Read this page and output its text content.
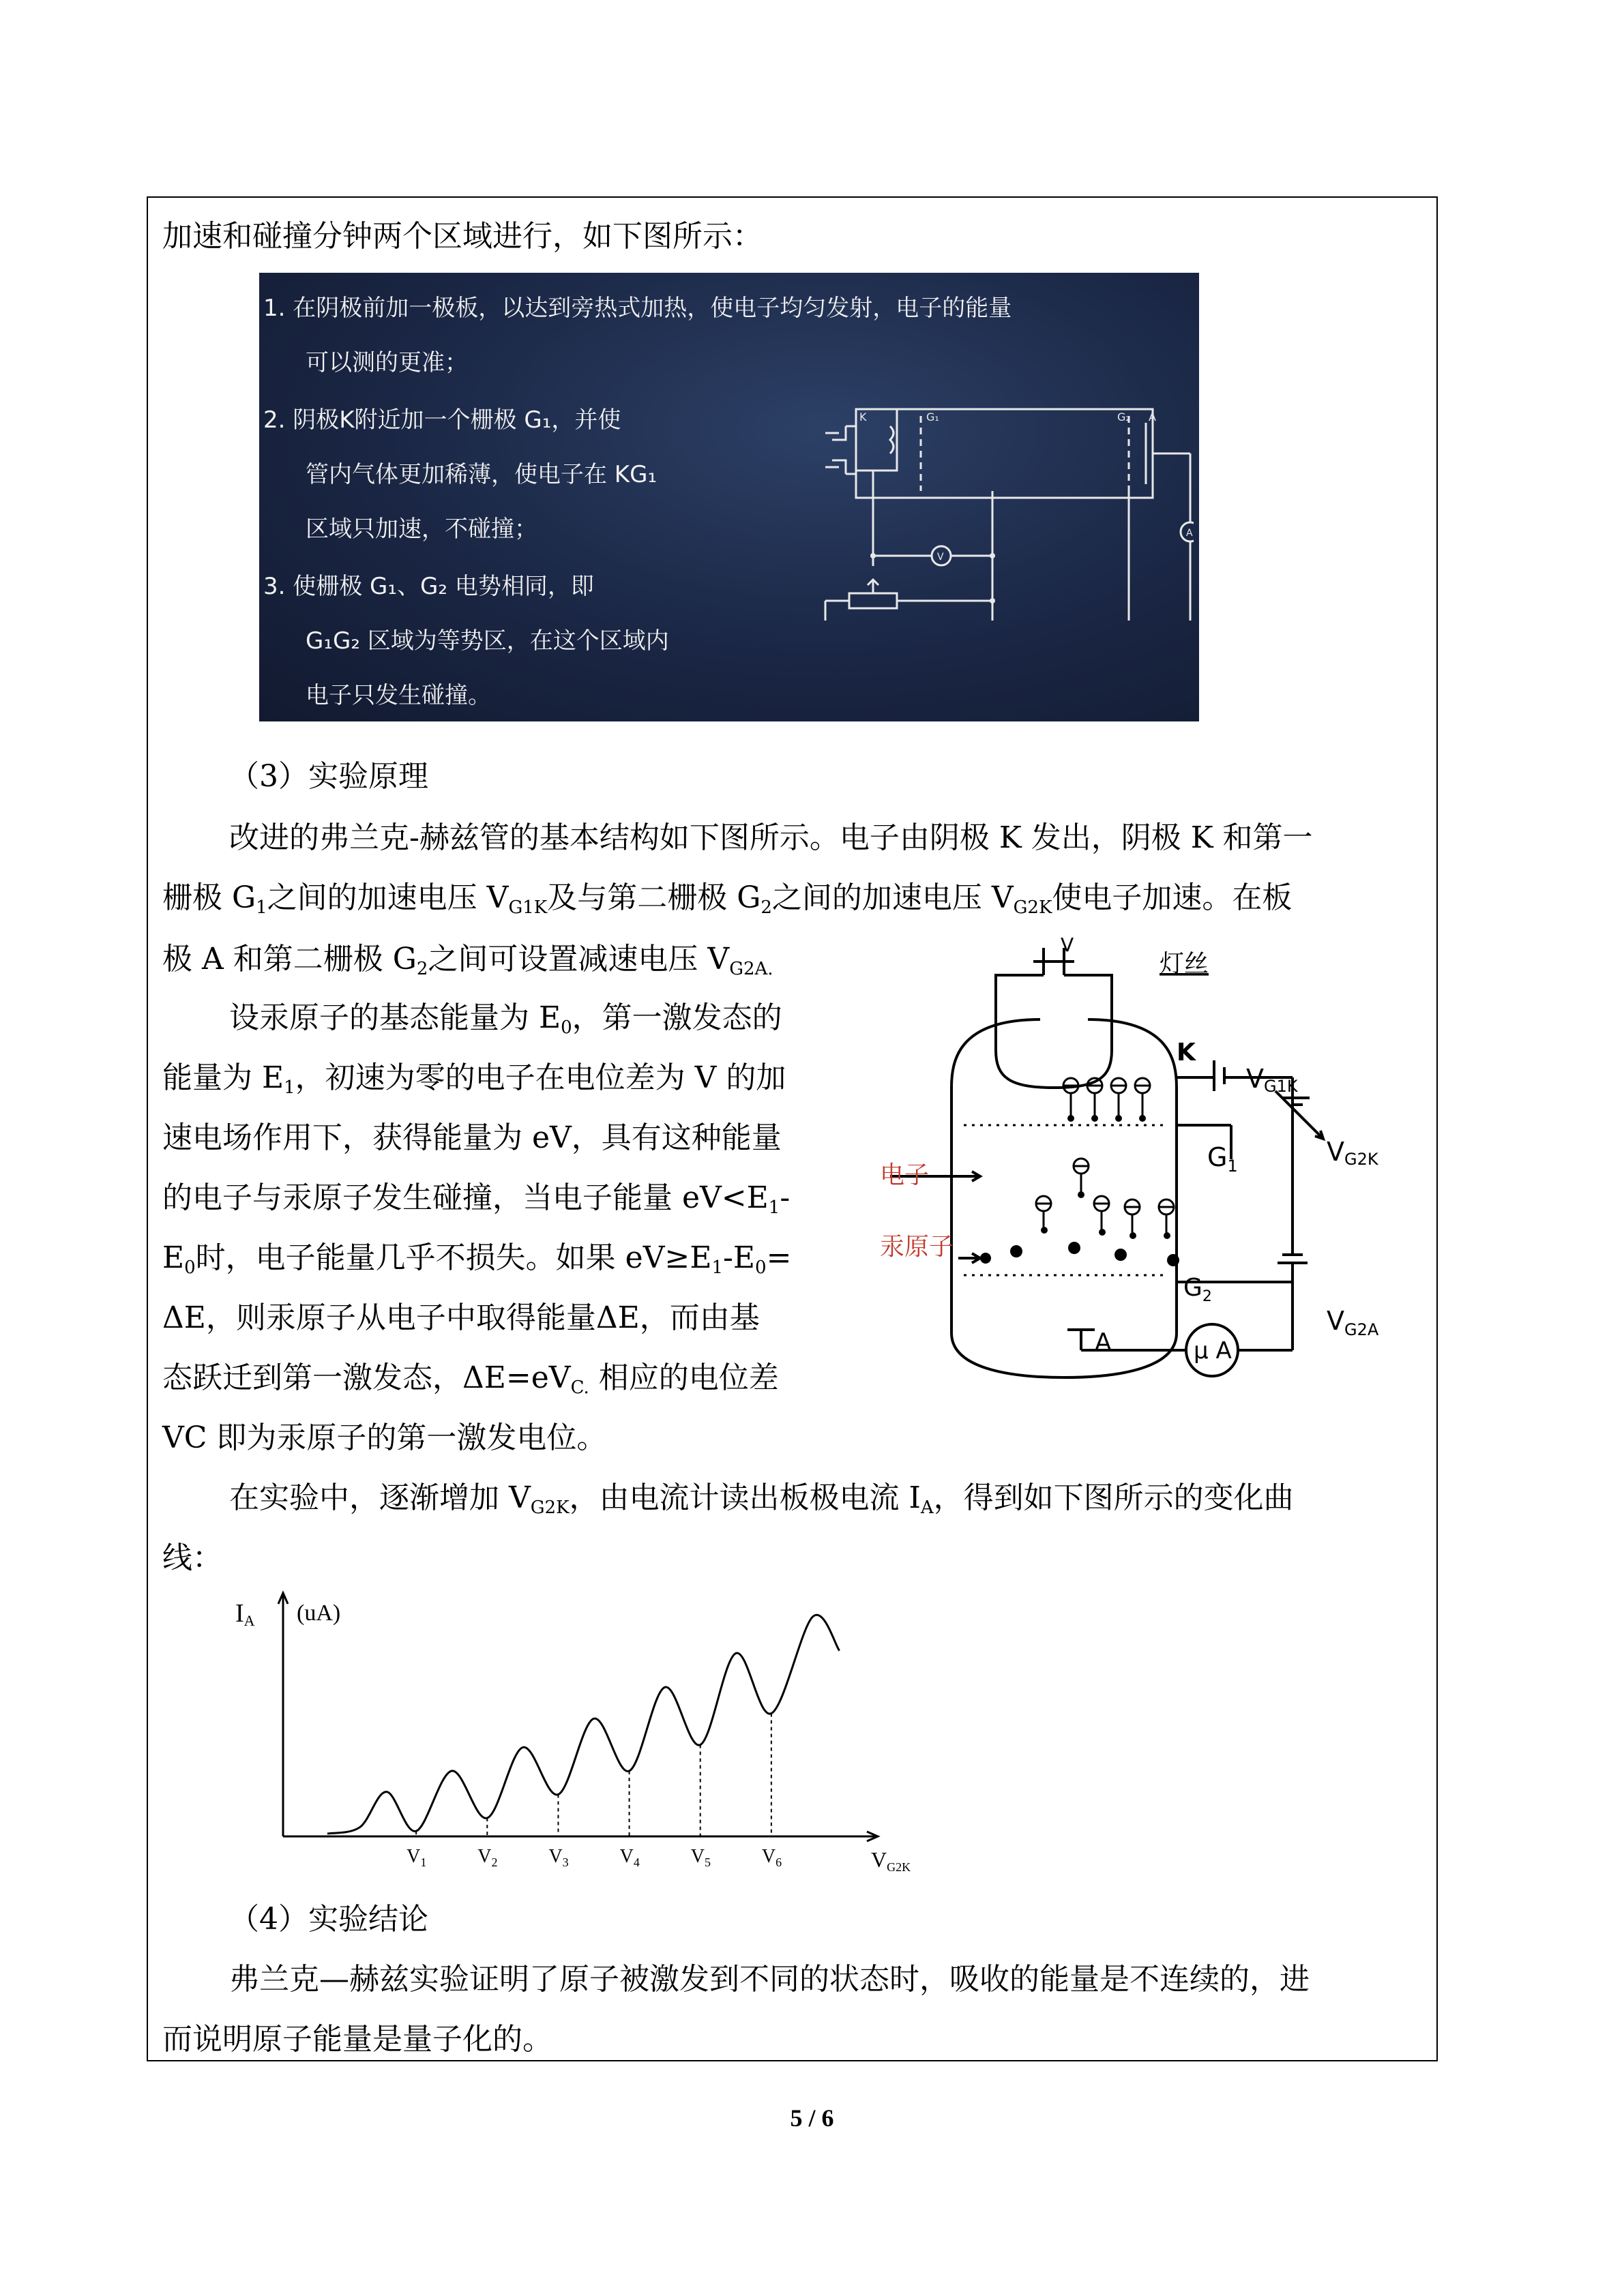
加速和碰撞分钟两个区域进行，如下图所示：
1. 在阴极前加一极板，以达到旁热式加热，使电子均匀发射，电子的能量
可以测的更准；
2. 阴极K附近加一个栅极 G₁，并使
管内气体更加稀薄，使电子在 KG₁
区域只加速，不碰撞；
3. 使栅极 G₁、G₂ 电势相同，即
G₁G₂ 区域为等势区，在这个区域内
电子只发生碰撞。
K	G₁	G₂ A
V
A
（3）实验原理
改进的弗兰克-赫兹管的基本结构如下图所示。电子由阴极 K 发出，阴极 K 和第一
栅极 $G_1$之间的加速电压 $V_{G1K}$及与第二栅极 $G_2$之间的加速电压 $V_{G2K}$使电子加速。在板
极 A 和第二栅极 $G_2$之间可设置减速电压 $V_{G2A.}$
设汞原子的基态能量为 $E_0$，第一激发态的
能量为 $E_1$，初速为零的电子在电位差为 V 的加
速电场作用下，获得能量为 eV，具有这种能量
的电子与汞原子发生碰撞，当电子能量 $eV<E_1-$
$E_0$时，电子能量几乎不损失。如果 $eV\ge E_1-E_0=$
ΔE，则汞原子从电子中取得能量ΔE，而由基
态跃迁到第一激发态，$\Delta E=eV_{C.}$ 相应的电位差
VC 即为汞原子的第一激发电位。
在实验中，逐渐增加 $V_{G2K}$，由电流计读出板极电流 $I_A$，得到如下图所示的变化曲
线：
V
灯丝
K
VG1K
VG2K
$G_1$
电子
汞原子
$G_2$
$V_{G2A}$
A	μ A
$V_1$	$V_2$	$V_3$	$V_4$	$V_5$	$V_6$
IA (uA)
VG2K
（4）实验结论
弗兰克—赫兹实验证明了原子被激发到不同的状态时，吸收的能量是不连续的，进
而说明原子能量是量子化的。
5 / 6
